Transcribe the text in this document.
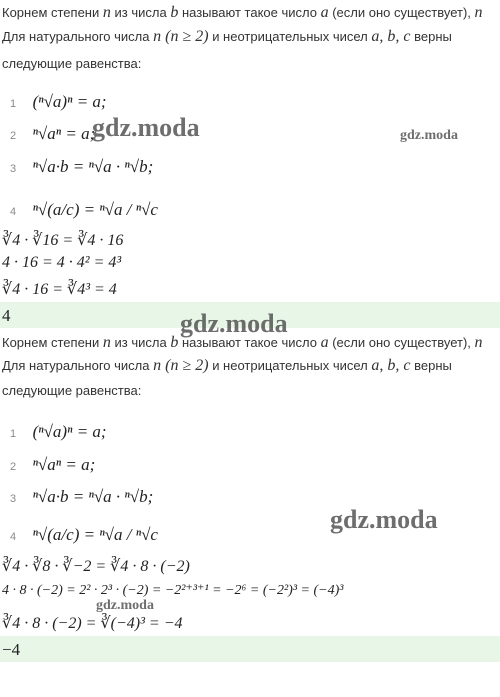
Корнем степени n из числа b называют такое число a (если оно существует), n
Для натурального числа n (n ≥ 2) и неотрицательных чисел a, b, c верны
следующие равенства:
1 (ⁿ√a)ⁿ = a;
2 ⁿ√aⁿ = a;
3 ⁿ√a·b = ⁿ√a · ⁿ√b;
4 ⁿ√(a/c) = ⁿ√a / ⁿ√c
∛4 · ∛16 = ∛4 · 16
4 · 16 = 4 · 4² = 4³
∛4 · 16 = ∛4³ = 4
4
Корнем степени n из числа b называют такое число a (если оно существует), n
Для натурального числа n (n ≥ 2) и неотрицательных чисел a, b, c верны
следующие равенства:
1 (ⁿ√a)ⁿ = a;
2 ⁿ√aⁿ = a;
3 ⁿ√a·b = ⁿ√a · ⁿ√b;
4 ⁿ√(a/c) = ⁿ√a / ⁿ√c
∛4 · ∛8 · ∛−2 = ∛4 · 8 · (−2)
4 · 8 · (−2) = 2² · 2³ · (−2) = −2²⁺³⁺¹ = −2⁶ = (−2²)³ = (−4)³
∛4 · 8 · (−2) = ∛(−4)³ = −4
−4
gdz.moda	gdz.moda
gdz.moda
gdz.moda
gdz.moda
